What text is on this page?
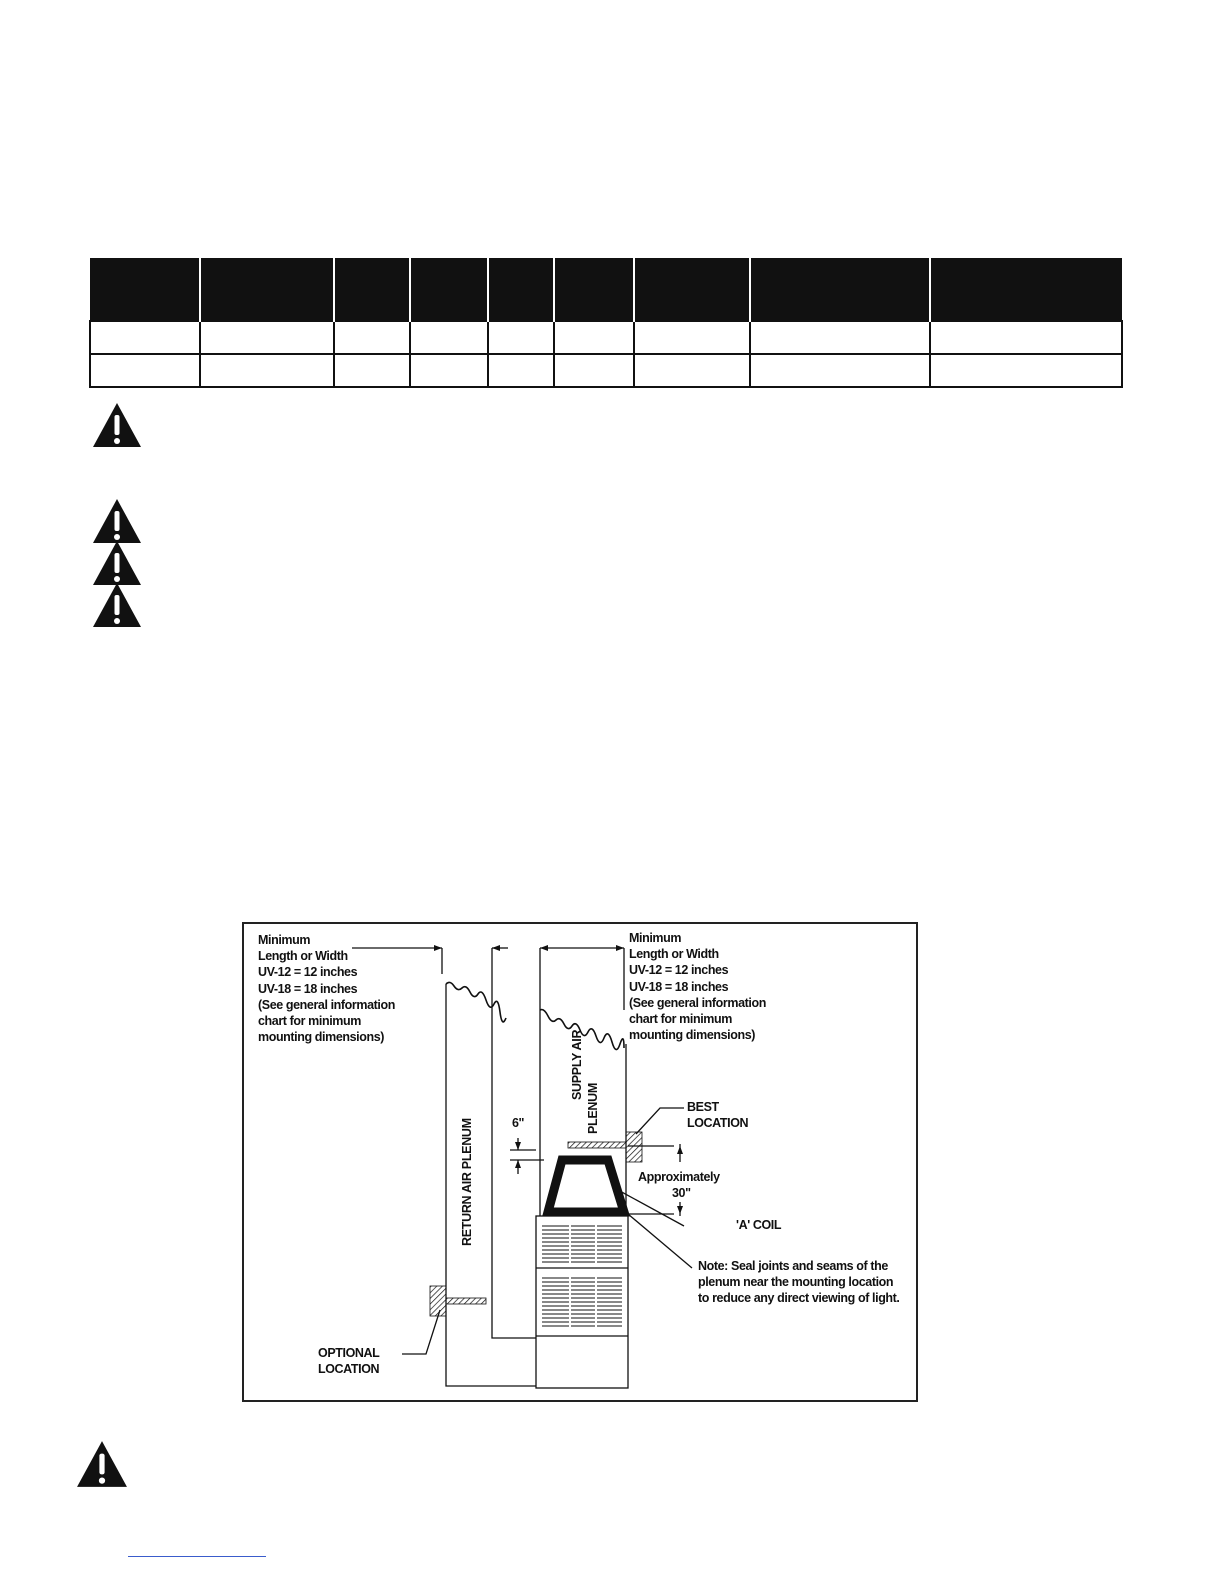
Minimum
Length or Width
UV-12 = 12 inches
UV-18 = 18 inches
(See general information
chart for minimum
mounting dimensions)
Minimum
Length or Width
UV-12 = 12 inches
UV-18 = 18 inches
(See general information
chart for minimum
mounting dimensions)
RETURN AIR PLENUM
SUPPLY AIR
PLENUM
6"
BEST
LOCATION
Approximately
30"
'A' COIL
Note: Seal joints and seams of the
plenum near the mounting location
to reduce any direct viewing of light.
OPTIONAL
LOCATION
